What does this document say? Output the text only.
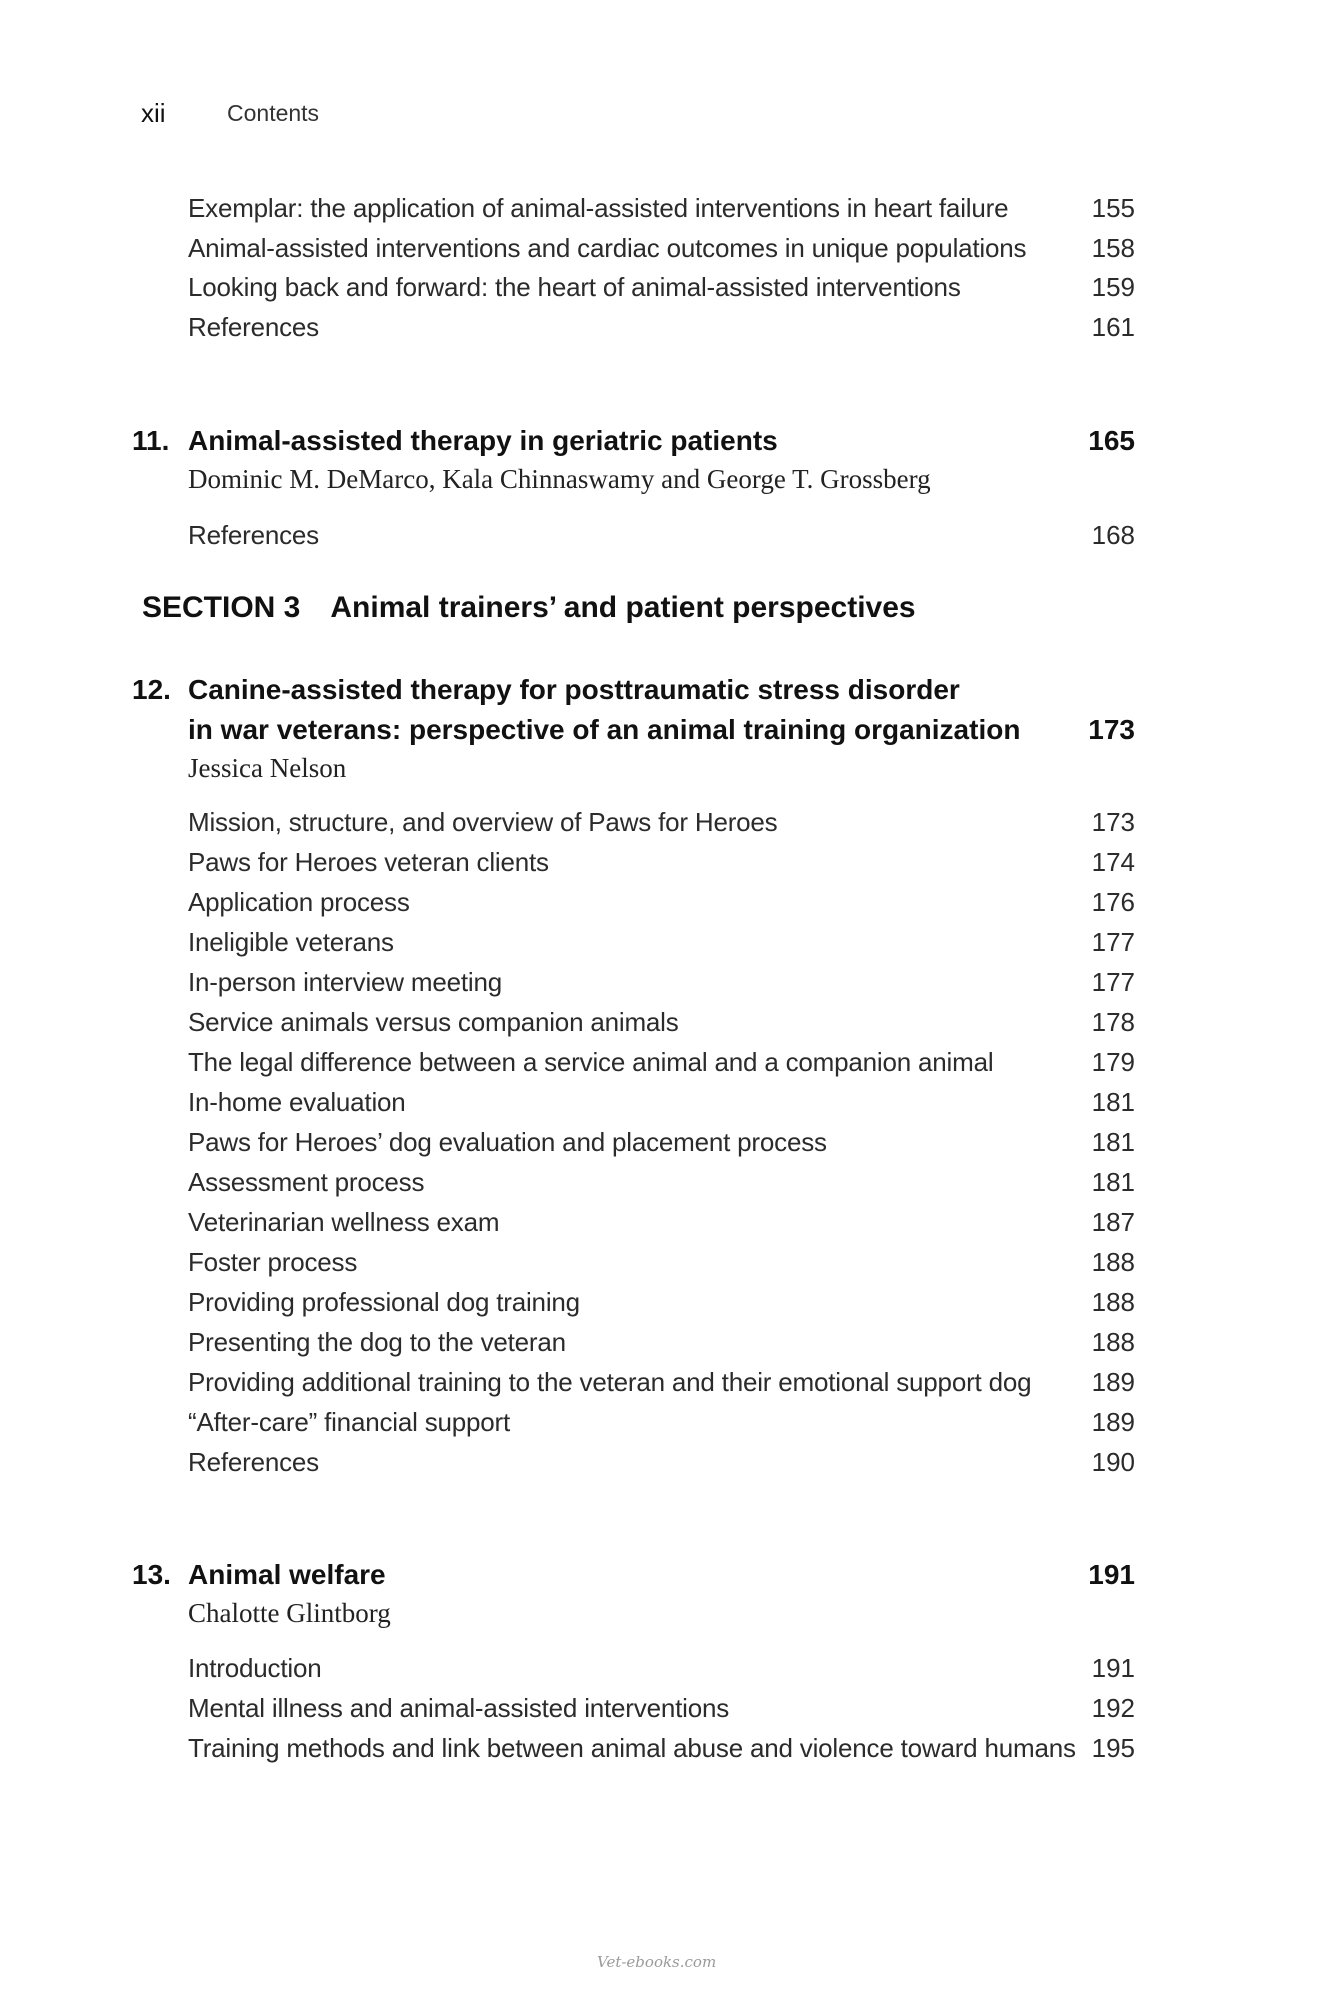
xii	Contents
Exemplar: the application of animal-assisted interventions in heart failure	155
Animal-assisted interventions and cardiac outcomes in unique populations	158
Looking back and forward: the heart of animal-assisted interventions	159
References	161
11. Animal-assisted therapy in geriatric patients	165
Dominic M. DeMarco, Kala Chinnaswamy and George T. Grossberg
References	168
SECTION 3 Animal trainers’ and patient perspectives
12. Canine-assisted therapy for posttraumatic stress disorder
in war veterans: perspective of an animal training organization 173
Jessica Nelson
Mission, structure, and overview of Paws for Heroes	173
Paws for Heroes veteran clients	174
Application process	176
Ineligible veterans	177
In-person interview meeting	177
Service animals versus companion animals	178
The legal difference between a service animal and a companion animal	179
In-home evaluation	181
Paws for Heroes’ dog evaluation and placement process	181
Assessment process	181
Veterinarian wellness exam	187
Foster process	188
Providing professional dog training	188
Presenting the dog to the veteran	188
Providing additional training to the veteran and their emotional support dog 189
“After-care” financial support	189
References	190
13. Animal welfare	191
Chalotte Glintborg
Introduction	191
Mental illness and animal-assisted interventions	192
Training methods and link between animal abuse and violence toward humans 195
Vet-ebooks.com
